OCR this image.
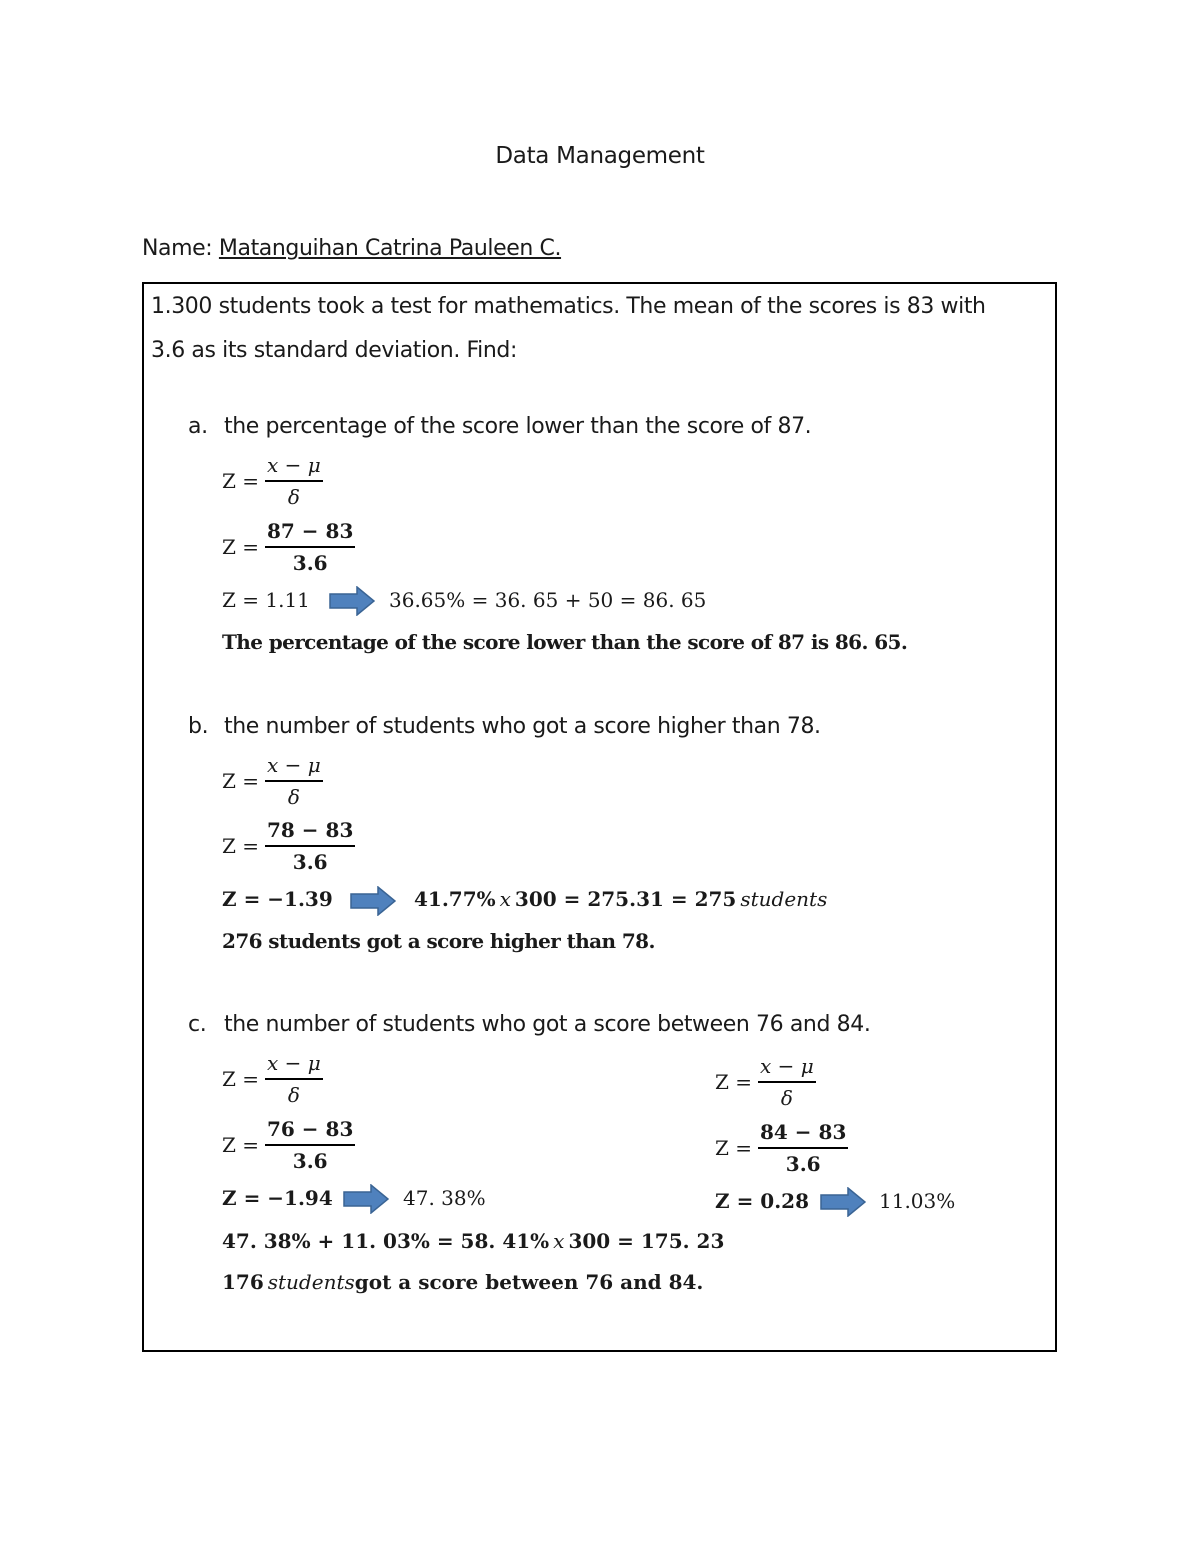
Data Management
Name: Matanguihan Catrina Pauleen C.
1.300 students took a test for mathematics. The mean of the scores is 83 with
3.6 as its standard deviation. Find:
a. the percentage of the score lower than the score of 87.
$Z = \frac{x - \mu}{\delta}$
$Z = \frac{87 - 83}{3.6}$
Z = 1.11	36.65% = 36. 65 + 50 = 86. 65
The percentage of the score lower than the score of 87 is 86. 65.
b. the number of students who got a score higher than 78.
$Z = \frac{x - \mu}{\delta}$
$Z = \frac{78 - 83}{3.6}$
Z = −1.39	41.77% x 300 = 275.31 = 275 students
276 students got a score higher than 78.
c. the number of students who got a score between 76 and 84.
$Z = \frac{x - \mu}{\delta}$
$Z = \frac{76 - 83}{3.6}$
Z = −1.94	47. 38%
$Z = \frac{x - \mu}{\delta}$
$Z = \frac{84 - 83}{3.6}$
Z = 0.28	11.03%
47. 38% + 11. 03% = 58. 41% x 300 = 175. 23
176 students got a score between 76 and 84.
